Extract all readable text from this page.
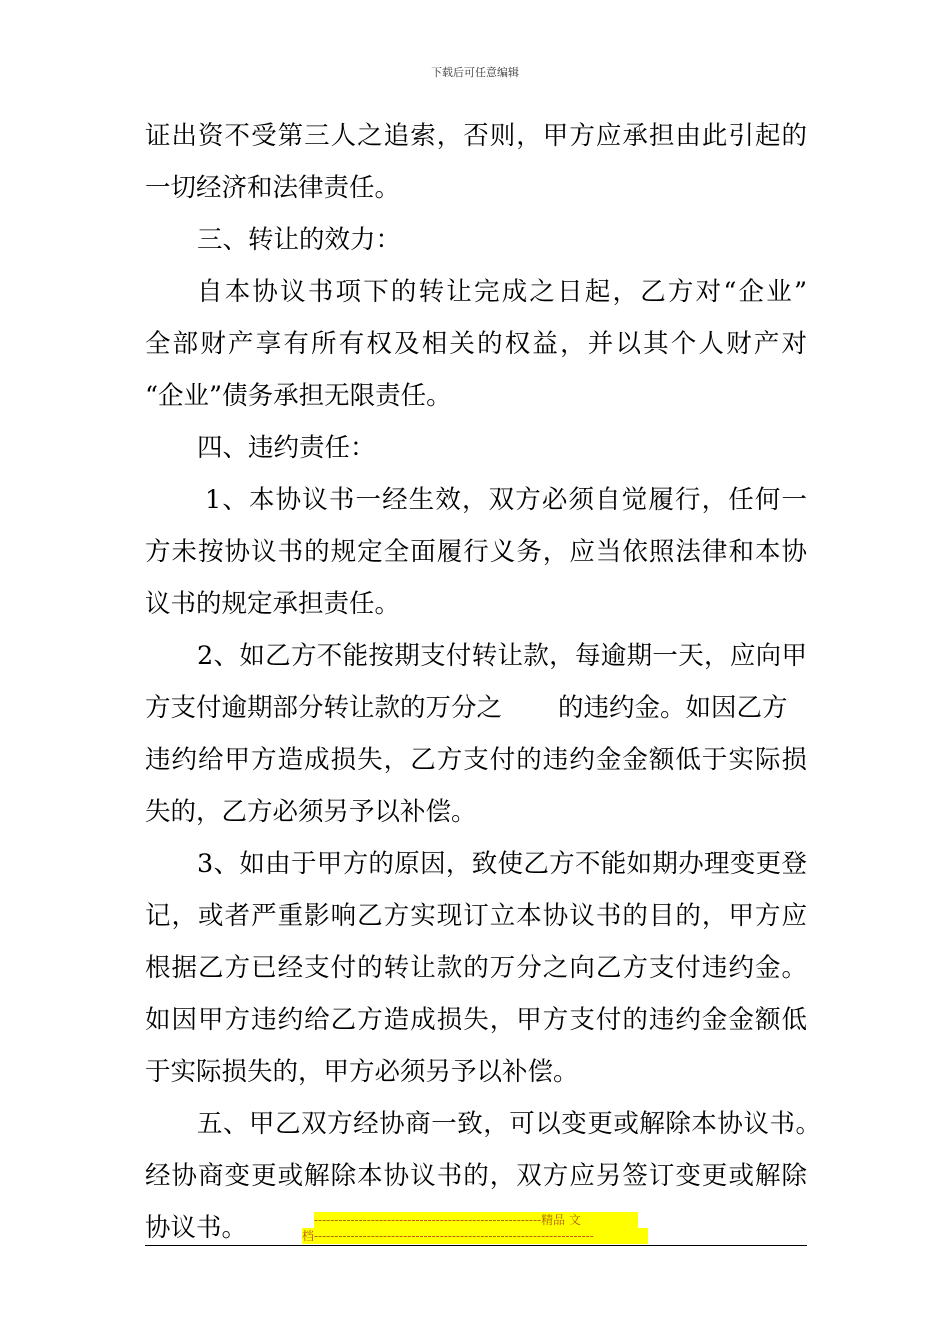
下载后可任意编辑
证出资不受第三人之追索，否则，甲方应承担由此引起的
一切经济和法律责任。
三、转让的效力：
自本协议书项下的转让完成之日起，乙方对“企业”
全部财产享有所有权及相关的权益，并以其个人财产对
“企业”债务承担无限责任。
四、违约责任：
1、本协议书一经生效，双方必须自觉履行，任何一
方未按协议书的规定全面履行义务，应当依照法律和本协
议书的规定承担责任。
2、如乙方不能按期支付转让款，每逾期一天，应向甲
方支付逾期部分转让款的万分之 的违约金。如因乙方
违约给甲方造成损失，乙方支付的违约金金额低于实际损
失的，乙方必须另予以补偿。
3、如由于甲方的原因，致使乙方不能如期办理变更登
记，或者严重影响乙方实现订立本协议书的目的，甲方应
根据乙方已经支付的转让款的万分之向乙方支付违约金。
如因甲方违约给乙方造成损失，甲方支付的违约金金额低
于实际损失的，甲方必须另予以补偿。
五、甲乙双方经协商一致，可以变更或解除本协议书。
经协商变更或解除本协议书的，双方应另签订变更或解除
协议书。	--------------------------------------------------------精品 文
档---------------------------------------------------------------------
